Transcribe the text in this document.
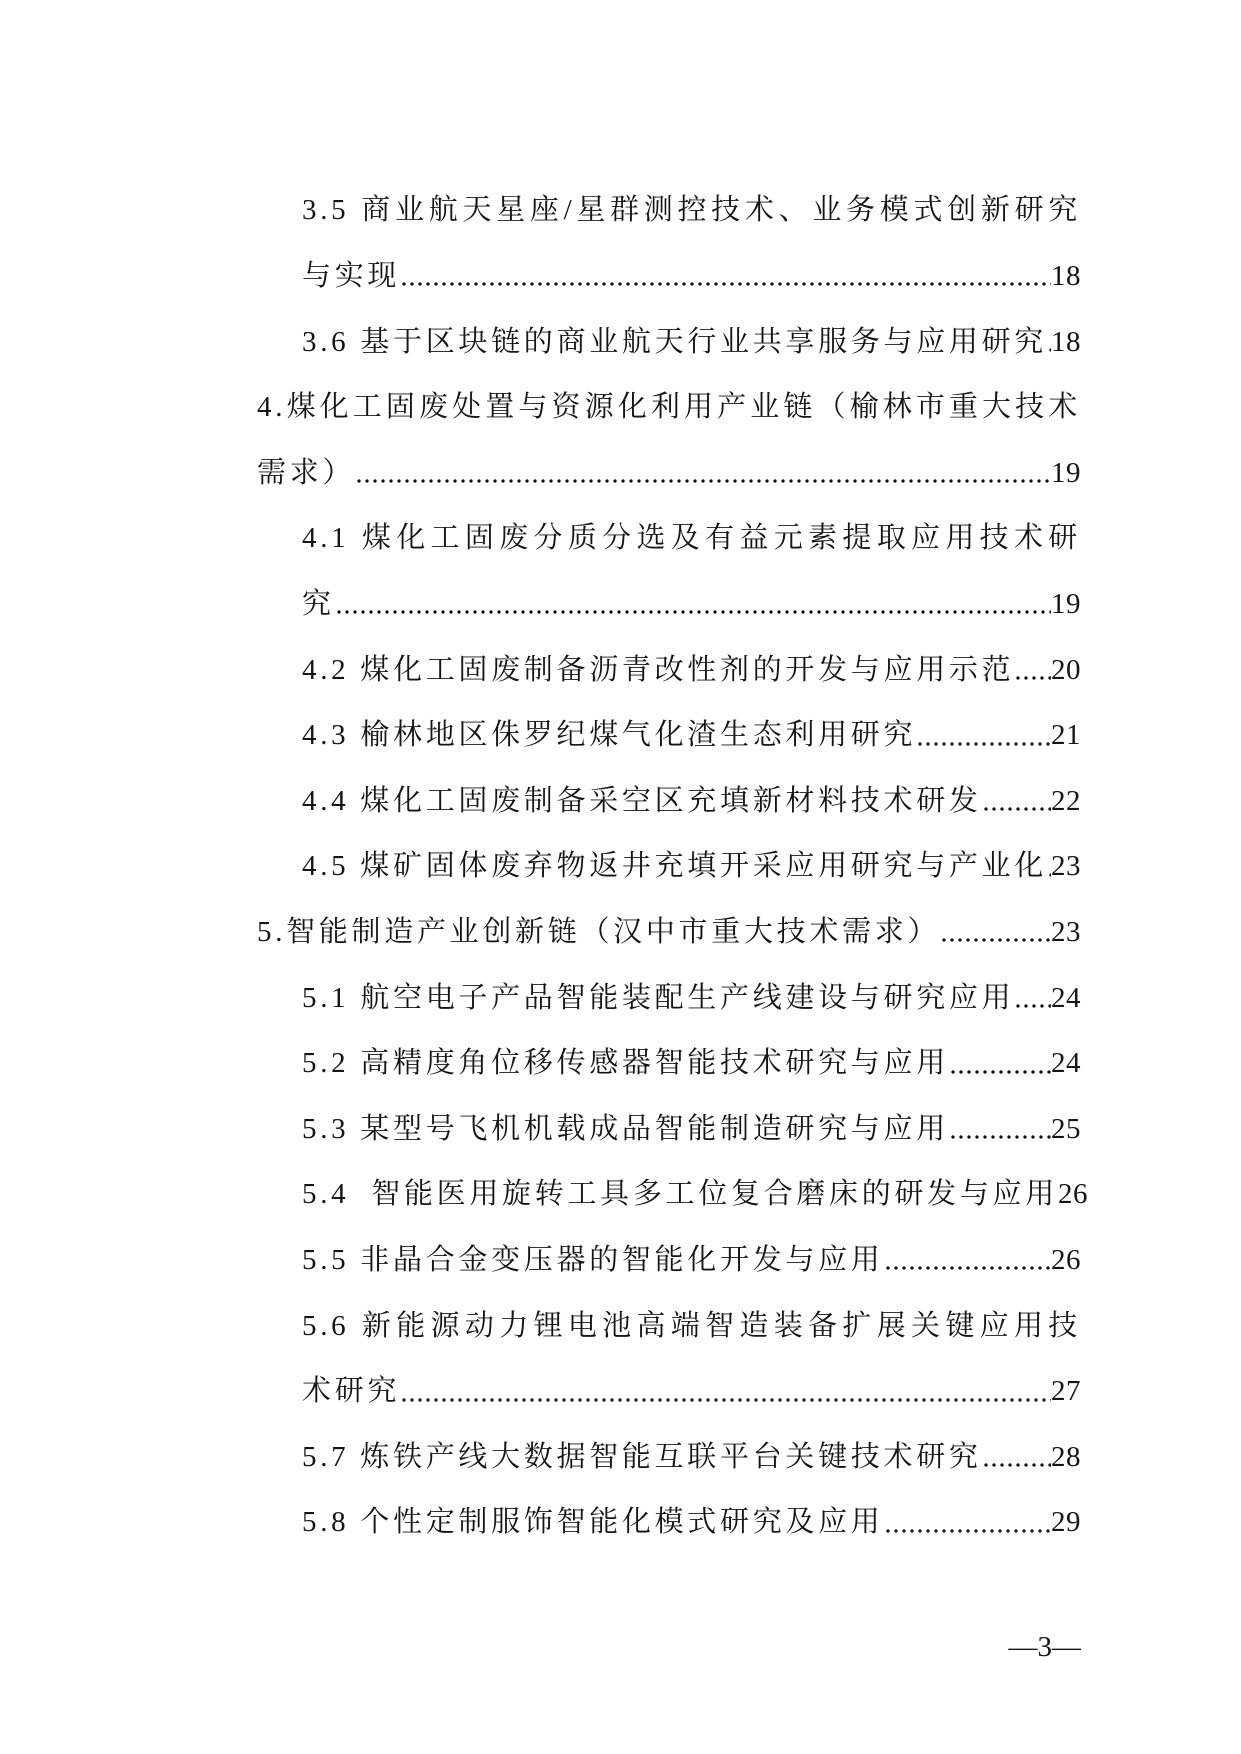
3.5 商业航天星座/星群测控技术、业务模式创新研究
与实现	18
3.6 基于区块链的商业航天行业共享服务与应用研究 18
4.煤化工固废处置与资源化利用产业链（榆林市重大技术
需求）	19
4.1 煤化工固废分质分选及有益元素提取应用技术研
究	19
4.2 煤化工固废制备沥青改性剂的开发与应用示范 20
4.3 榆林地区侏罗纪煤气化渣生态利用研究	21
4.4 煤化工固废制备采空区充填新材料技术研发 22
4.5 煤矿固体废弃物返井充填开采应用研究与产业化 23
5.智能制造产业创新链（汉中市重大技术需求）	23
5.1 航空电子产品智能装配生产线建设与研究应用 24
5.2 高精度角位移传感器智能技术研究与应用	24
5.3 某型号飞机机载成品智能制造研究与应用	25
5.4  智能医用旋转工具多工位复合磨床的研发与应用 26
5.5 非晶合金变压器的智能化开发与应用	26
5.6 新能源动力锂电池高端智造装备扩展关键应用技
术研究	27
5.7 炼铁产线大数据智能互联平台关键技术研究 28
5.8 个性定制服饰智能化模式研究及应用	29
—3—
